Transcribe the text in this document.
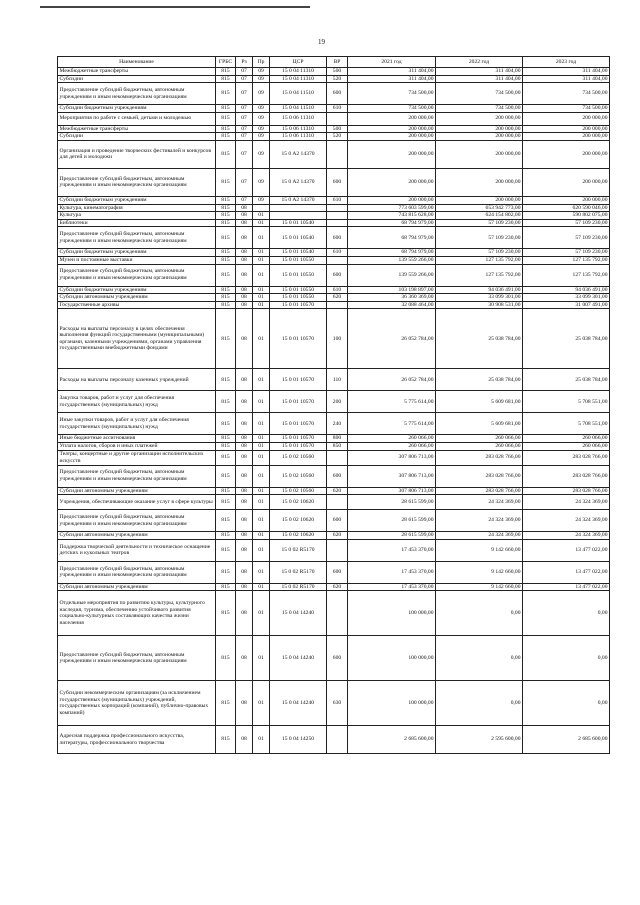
19
Наименование	ГРБС	Рз	Пр	ЦСР	ВР	2021 год	2022 год	2023 год
Межбюджетные трансферты	815	07	09	15 0 04 11310	500	311 404,00	311 404,00	311 404,00
Субсидии	815	07	09	15 0 04 11310	520	311 404,00	311 404,00	311 404,00
Предоставление субсидий бюджетным, автономным учреждениям и иным некоммерческим организациям	815	07	09	15 0 04 11510	600	734 500,00	734 500,00	734 500,00
Субсидии бюджетным учреждениям	815	07	09	15 0 04 11510	610	734 500,00	734 500,00	734 500,00
Мероприятия по работе с семьей, детьми и молодежью	815	07	09	15 0 06 11310		200 000,00	200 000,00	200 000,00
Межбюджетные трансферты	815	07	09	15 0 06 11310	500	200 000,00	200 000,00	200 000,00
Субсидии	815	07	09	15 0 06 11310	520	200 000,00	200 000,00	200 000,00
Организация и проведение творческих фестивалей и конкурсов для детей и молодежи	815	07	09	15 0 A2 14370		200 000,00	200 000,00	200 000,00
Предоставление субсидий бюджетным, автономным учреждениям и иным некоммерческим организациям	815	07	09	15 0 A2 14370	600	200 000,00	200 000,00	200 000,00
Субсидии бюджетным учреждениям	815	07	09	15 0 A2 14370	610	200 000,00	200 000,00	200 000,00
Культура, кинематография	815	08				773 603 599,00	653 942 773,00	620 590 046,00
Культура	815	08	01			743 815 628,00	624 154 802,00	590 802 075,00
Библиотеки	815	08	01	15 0 01 10540		68 794 979,00	57 109 230,00	57 109 230,00
Предоставление субсидий бюджетным, автономным учреждениям и иным некоммерческим организациям	815	08	01	15 0 01 10540	600	68 794 979,00	57 109 230,00	57 109 230,00
Субсидии бюджетным учреждениям	815	08	01	15 0 01 10540	610	68 794 979,00	57 109 230,00	57 109 230,00
Музеи и постоянные выставки	815	08	01	15 0 01 10550		139 559 266,00	127 135 792,00	127 135 792,00
Предоставление субсидий бюджетным, автономным учреждениям и иным некоммерческим организациям	815	08	01	15 0 01 10550	600	139 559 266,00	127 135 792,00	127 135 792,00
Субсидии бюджетным учреждениям	815	08	01	15 0 01 10550	610	103 198 897,00	94 036 491,00	94 036 491,00
Субсидии автономным учреждениям	815	08	01	15 0 01 10550	620	36 360 369,00	33 099 301,00	33 099 301,00
Государственные архивы	815	08	01	15 0 01 10570		32 088 464,00	30 908 531,00	31 007 491,00
Расходы на выплаты персоналу в целях обеспечения выполнения функций государственными (муниципальными) органами, казенными учреждениями, органами управления государственными внебюджетными фондами	815	08	01	15 0 01 10570	100	26 052 784,00	25 038 784,00	25 038 784,00
Расходы на выплаты персоналу казенных учреждений	815	08	01	15 0 01 10570	110	26 052 784,00	25 038 784,00	25 038 784,00
Закупка товаров, работ и услуг для обеспечения государственных (муниципальных) нужд	815	08	01	15 0 01 10570	200	5 775 614,00	5 609 681,00	5 708 551,00
Иные закупки товаров, работ и услуг для обеспечения государственных (муниципальных) нужд	815	08	01	15 0 01 10570	240	5 775 614,00	5 609 681,00	5 708 551,00
Иные бюджетные ассигнования	815	08	01	15 0 01 10570	800	260 066,00	260 066,00	260 066,00
Уплата налогов, сборов и иных платежей	815	08	01	15 0 01 10570	850	260 066,00	260 066,00	260 066,00
Театры, концертные и другие организации исполнительских искусств	815	08	01	15 0 02 10560		307 806 713,00	283 028 766,00	283 028 766,00
Предоставление субсидий бюджетным, автономным учреждениям и иным некоммерческим организациям	815	08	01	15 0 02 10560	600	307 806 713,00	283 028 766,00	283 028 766,00
Субсидии автономным учреждениям	815	08	01	15 0 02 10560	620	307 806 713,00	283 028 766,00	283 028 766,00
Учреждения, обеспечивающие оказание услуг в сфере культуры	815	08	01	15 0 02 10620		28 615 599,00	24 324 369,00	24 324 369,00
Предоставление субсидий бюджетным, автономным учреждениям и иным некоммерческим организациям	815	08	01	15 0 02 10620	600	28 615 599,00	24 324 369,00	24 324 369,00
Субсидии автономным учреждениям	815	08	01	15 0 02 10620	620	28 615 599,00	24 324 369,00	24 324 369,00
Поддержка творческой деятельности и техническое оснащение детских и кукольных театров	815	08	01	15 0 02 R5170		17 453 370,00	9 142 660,00	13 477 022,00
Предоставление субсидий бюджетным, автономным учреждениям и иным некоммерческим организациям	815	08	01	15 0 02 R5170	600	17 453 370,00	9 142 660,00	13 477 022,00
Субсидии автономным учреждениям	815	08	01	15 0 02 R5170	620	17 453 370,00	9 142 660,00	13 477 022,00
Отдельные мероприятия по развитию культуры, культурного наследия, туризма, обеспечению устойчивого развития социально-культурных составляющих качества жизни населения	815	08	01	15 0 04 14240		100 000,00	0,00	0,00
Предоставление субсидий бюджетным, автономным учреждениям и иным некоммерческим организациям	815	08	01	15 0 04 14240	600	100 000,00	0,00	0,00
Субсидии некоммерческим организациям (за исключением государственных (муниципальных) учреждений, государственных корпораций (компаний), публично-правовых компаний)	815	08	01	15 0 04 14240	630	100 000,00	0,00	0,00
Адресная поддержка профессионального искусства, литературы, профессионального творчества	815	08	01	15 0 04 14250		2 685 600,00	2 595 600,00	2 685 600,00
